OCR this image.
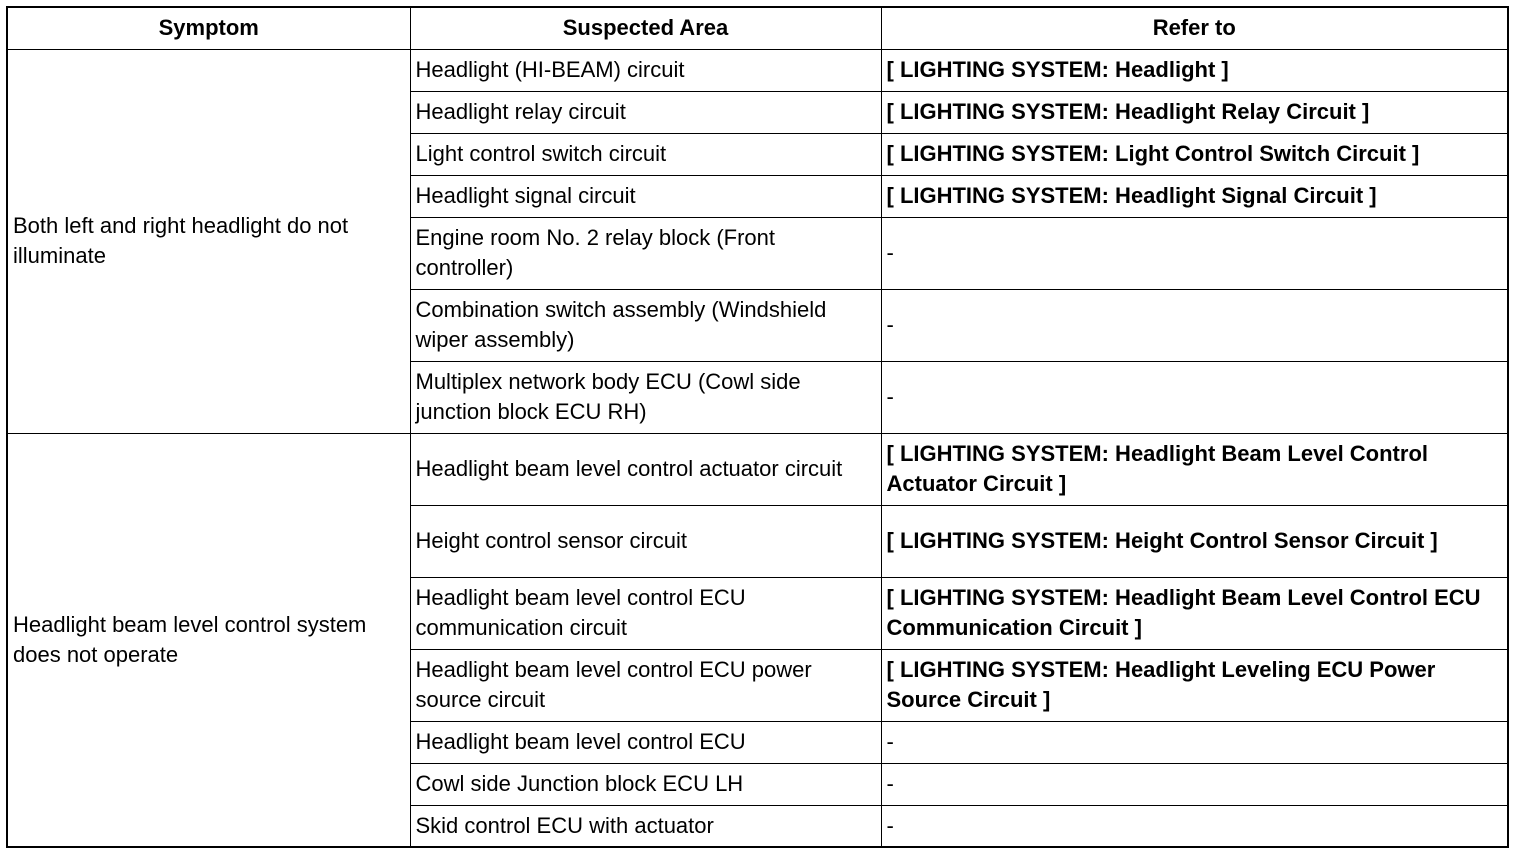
Symptom	Suspected Area	Refer to
Both left and right headlight do not illuminate	Headlight (HI-BEAM) circuit	[ LIGHTING SYSTEM: Headlight ]
	Headlight relay circuit	[ LIGHTING SYSTEM: Headlight Relay Circuit ]
	Light control switch circuit	[ LIGHTING SYSTEM: Light Control Switch Circuit ]
	Headlight signal circuit	[ LIGHTING SYSTEM: Headlight Signal Circuit ]
	Engine room No. 2 relay block (Front controller)	-
	Combination switch assembly (Windshield wiper assembly)	-
	Multiplex network body ECU (Cowl side junction block ECU RH)	-
Headlight beam level control system does not operate	Headlight beam level control actuator circuit	[ LIGHTING SYSTEM: Headlight Beam Level Control Actuator Circuit ]
	Height control sensor circuit	[ LIGHTING SYSTEM: Height Control Sensor Circuit ]
	Headlight beam level control ECU communication circuit	[ LIGHTING SYSTEM: Headlight Beam Level Control ECU Communication Circuit ]
	Headlight beam level control ECU power source circuit	[ LIGHTING SYSTEM: Headlight Leveling ECU Power Source Circuit ]
	Headlight beam level control ECU	-
	Cowl side Junction block ECU LH	-
	Skid control ECU with actuator	-
